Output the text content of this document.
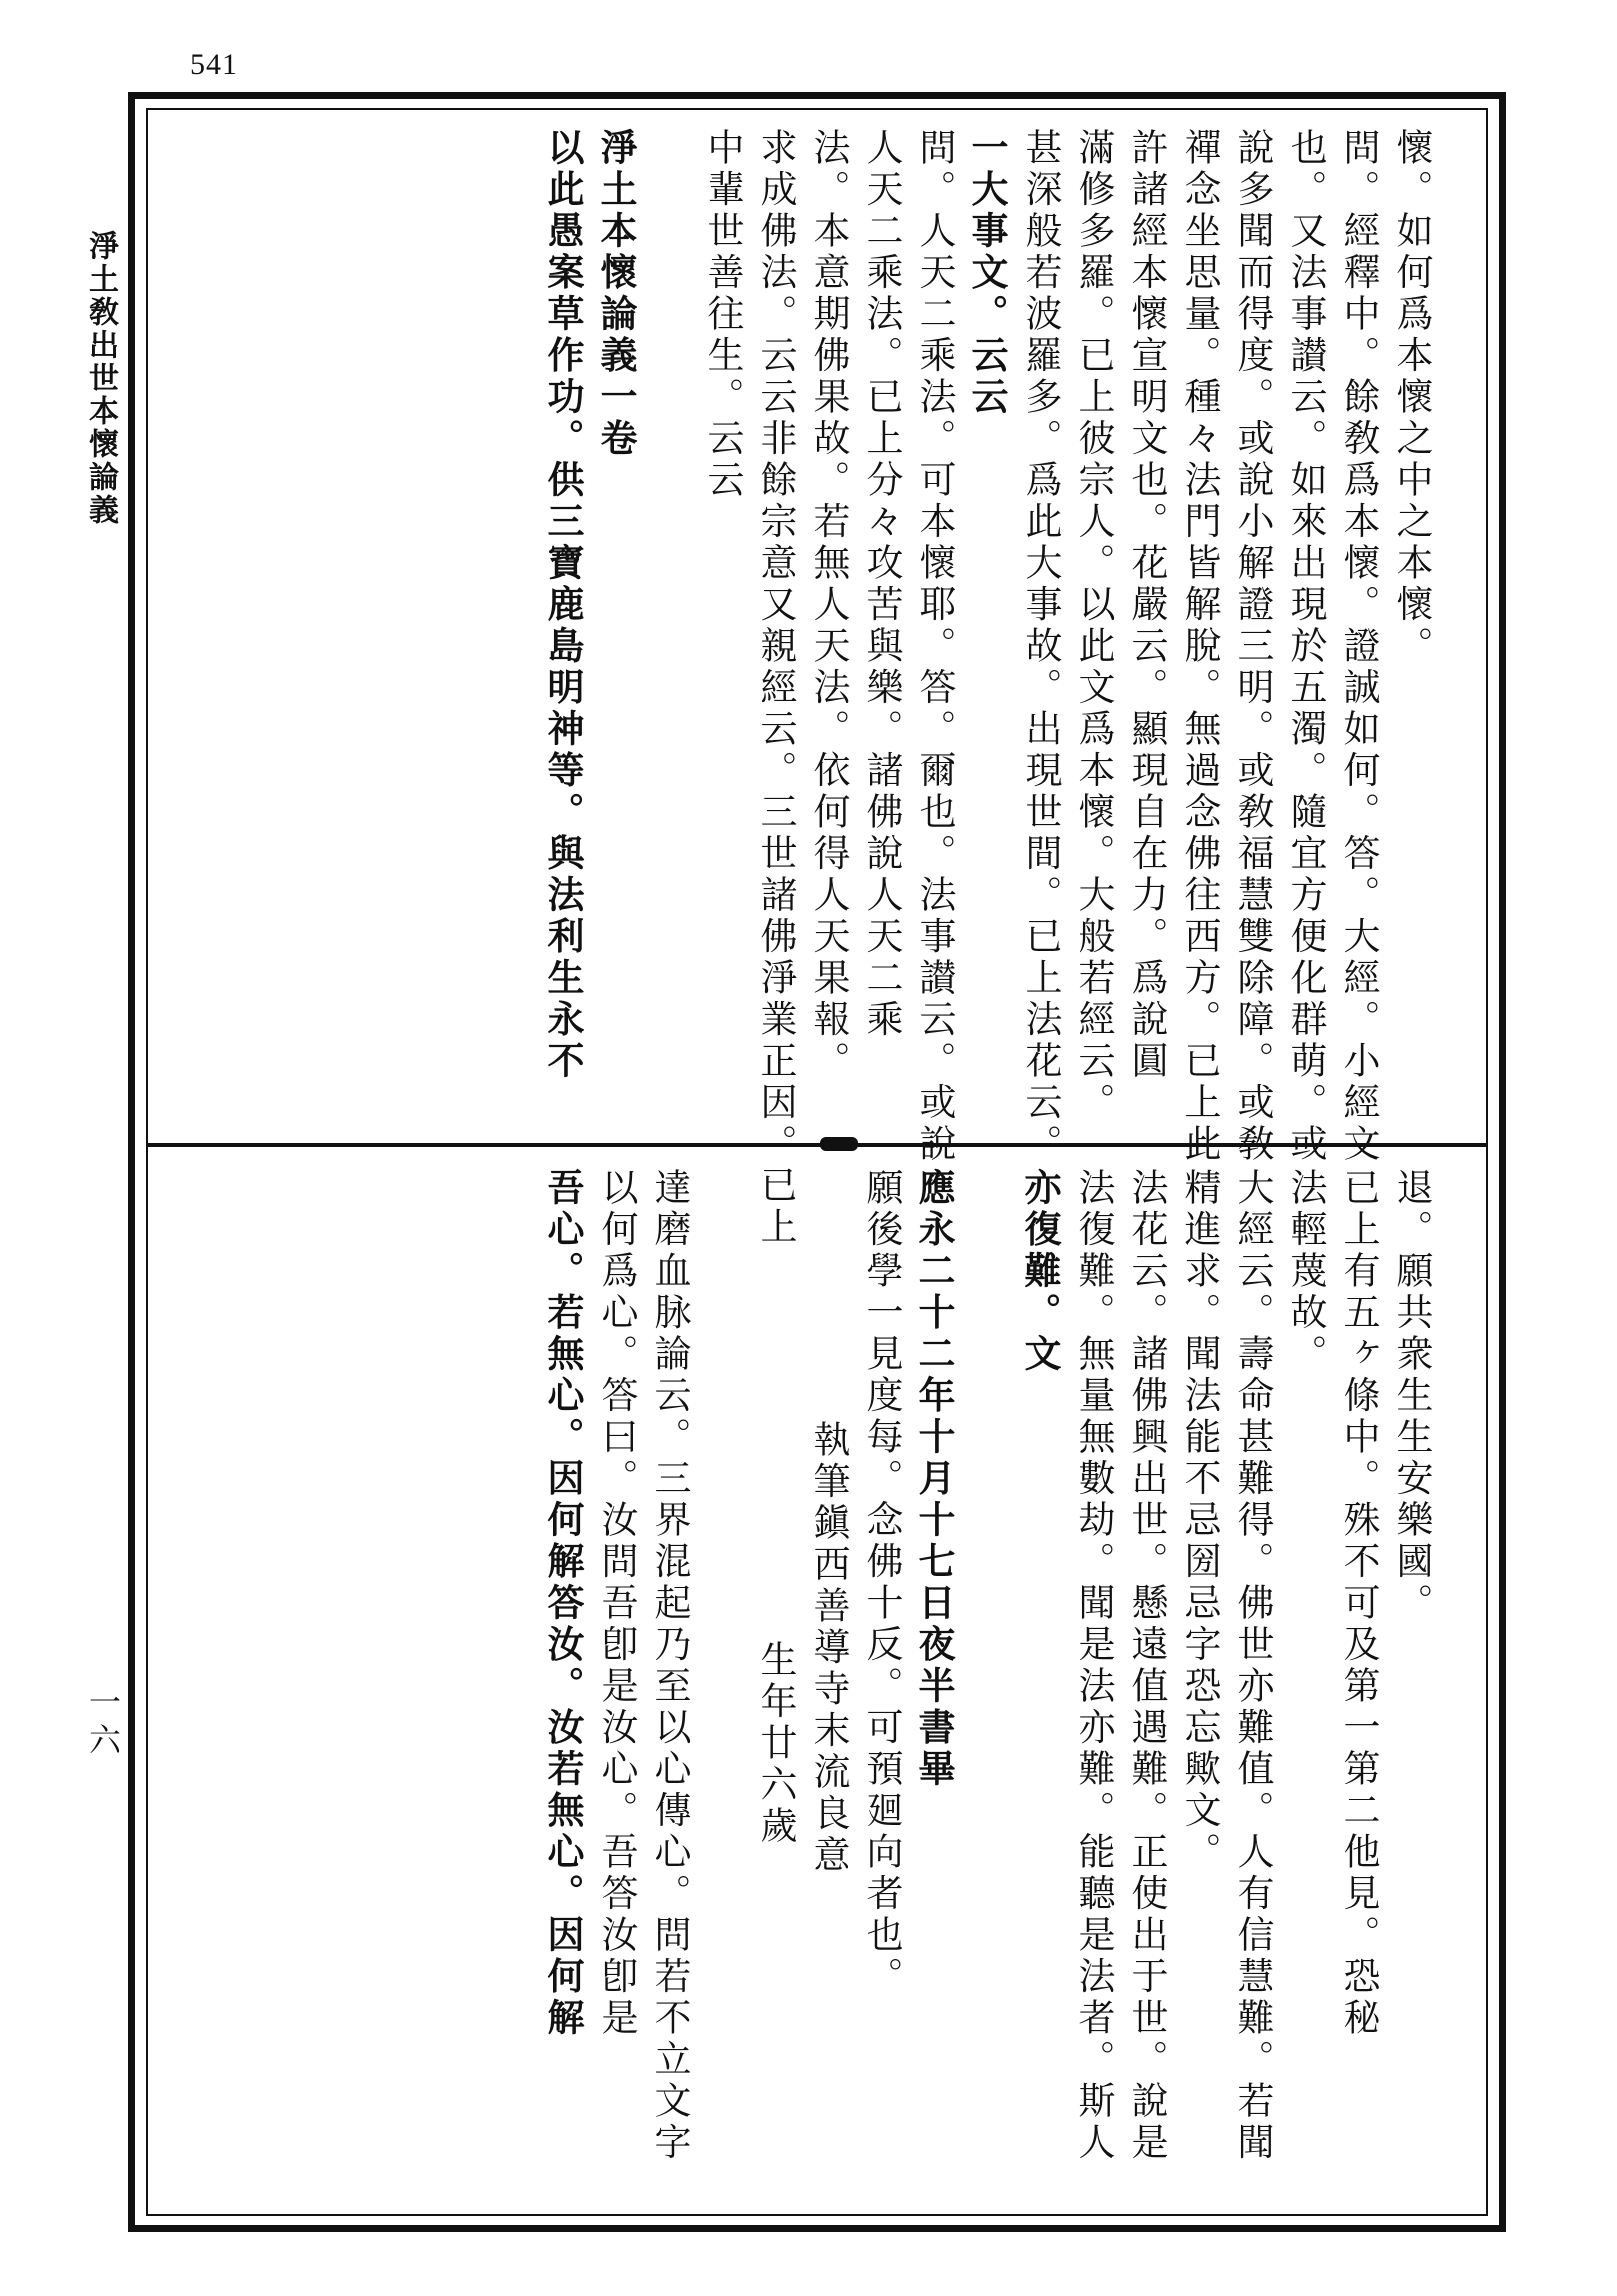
541
淨土敎出世本懷論義
一六
懷。如何爲本懷之中之本懷。
問。經釋中。餘敎爲本懷。證誠如何。答。大經。小經文
也。又法事讃云。如來出現於五濁。隨宜方便化群萌。或
說多聞而得度。或說小解證三明。或敎福慧雙除障。或敎
禪念坐思量。種々法門皆解脫。無過念佛往西方。已上此
許諸經本懷宣明文也。花嚴云。顯現自在力。爲說圓
滿修多羅。已上彼宗人。以此文爲本懷。大般若經云。
甚深般若波羅多。爲此大事故。出現世間。已上法花云。
一大事文。云云
問。人天二乘法。可本懷耶。答。爾也。法事讃云。或說
人天二乘法。已上分々攻苦與樂。諸佛說人天二乘
法。本意期佛果故。若無人天法。依何得人天果報。
求成佛法。云云非餘宗意又親經云。三世諸佛淨業正因。已上
中輩世善往生。云云
淨土本懷論義一卷
以此愚案草作功。供三寶鹿島明神等。與法利生永不
退。願共衆生生安樂國。
已上有五ヶ條中。殊不可及第一第二他見。恐秘
法輕蔑故。
大經云。壽命甚難得。佛世亦難值。人有信慧難。若聞
精進求。聞法能不忌圀忌字恐忘歟文。
法花云。諸佛興出世。懸遠值遇難。正使出于世。說是
法復難。無量無數劫。聞是法亦難。能聽是法者。斯人
亦復難。文
應永二十二年十月十七日夜半書畢
願後學一見度每。念佛十反。可預廻向者也。
執筆鎭西善導寺末流良意
生年廿六歲
達磨血脉論云。三界混起乃至以心傳心。問若不立文字
以何爲心。答曰。汝問吾卽是汝心。吾答汝卽是
吾心。若無心。因何解答汝。汝若無心。因何解
